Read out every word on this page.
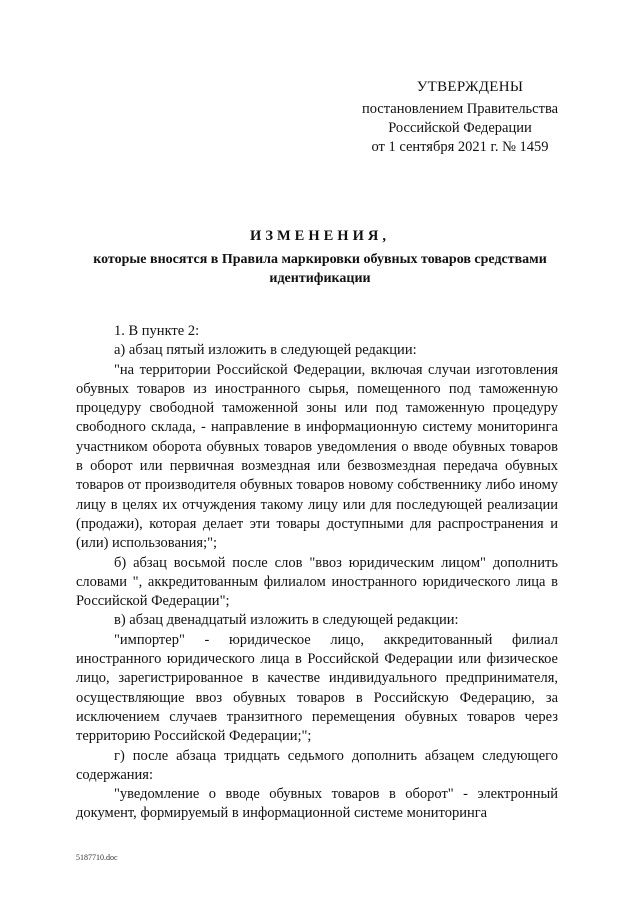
УТВЕРЖДЕНЫ
постановлением Правительства
Российской Федерации
от 1 сентября 2021 г. № 1459
ИЗМЕНЕНИЯ,
которые вносятся в Правила маркировки обувных товаров средствами идентификации

1. В пункте 2:

а) абзац пятый изложить в следующей редакции:

"на территории Российской Федерации, включая случаи изготовления обувных товаров из иностранного сырья, помещенного под таможенную процедуру свободной таможенной зоны или под таможенную процедуру свободного склада, - направление в информационную систему мониторинга участником оборота обувных товаров уведомления о вводе обувных товаров в оборот или первичная возмездная или безвозмездная передача обувных товаров от производителя обувных товаров новому собственнику либо иному лицу в целях их отчуждения такому лицу или для последующей реализации (продажи), которая делает эти товары доступными для распространения и (или) использования;";

б) абзац восьмой после слов "ввоз юридическим лицом" дополнить словами ", аккредитованным филиалом иностранного юридического лица в Российской Федерации";

в) абзац двенадцатый изложить в следующей редакции:

"импортер" - юридическое лицо, аккредитованный филиал иностранного юридического лица в Российской Федерации или физическое лицо, зарегистрированное в качестве индивидуального предпринимателя, осуществляющие ввоз обувных товаров в Российскую Федерацию, за исключением случаев транзитного перемещения обувных товаров через территорию Российской Федерации;";

г) после абзаца тридцать седьмого дополнить абзацем следующего содержания:

"уведомление о вводе обувных товаров в оборот" - электронный документ, формируемый в информационной системе мониторинга

5187710.doc
